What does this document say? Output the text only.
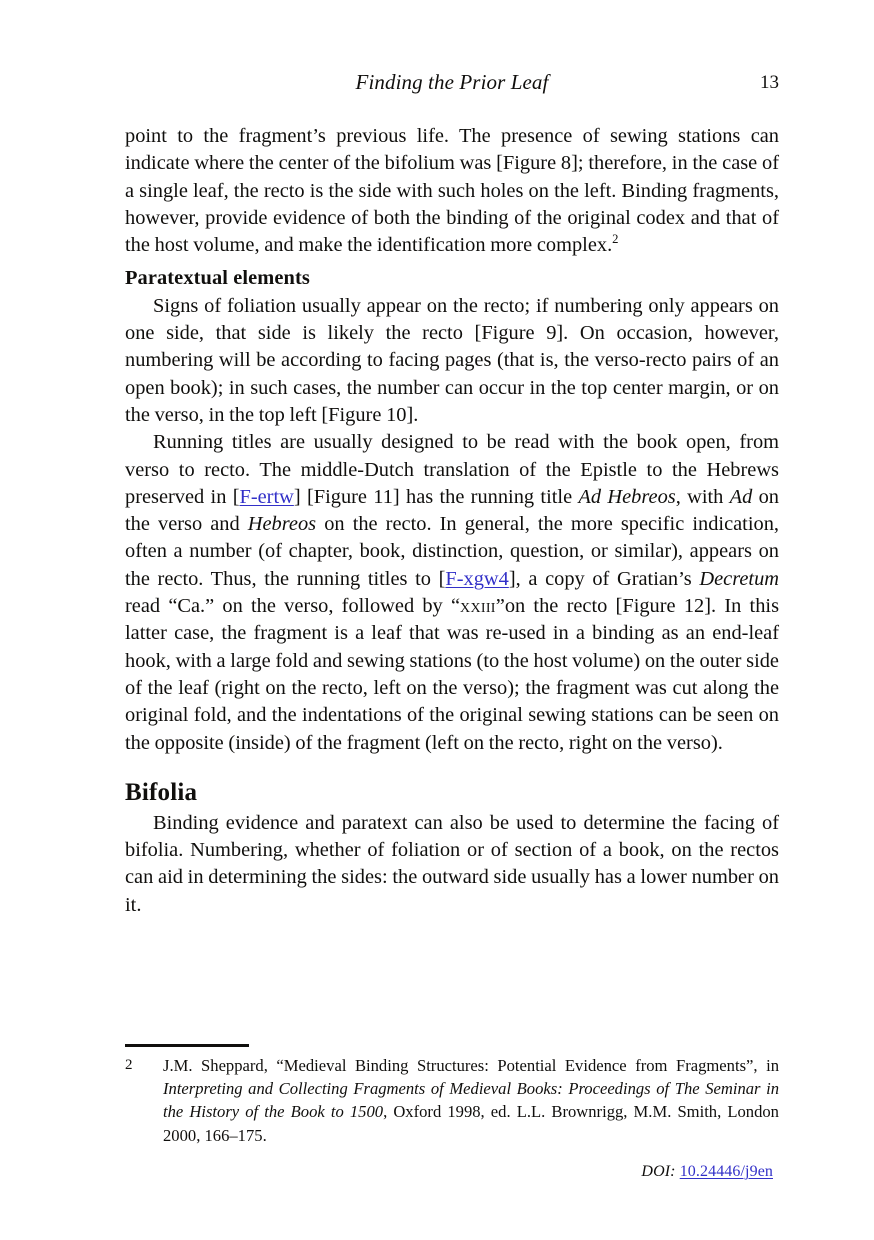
Finding the Prior Leaf	13

point to the fragment’s previous life. The presence of sewing stations can indicate where the center of the bifolium was [Figure 8]; therefore, in the case of a single leaf, the recto is the side with such holes on the left. Binding fragments, however, provide evidence of both the binding of the original codex and that of the host volume, and make the identification more complex.$^2$

Paratextual elements

Signs of foliation usually appear on the recto; if numbering only appears on one side, that side is likely the recto [Figure 9]. On occasion, however, numbering will be according to facing pages (that is, the verso-recto pairs of an open book); in such cases, the number can occur in the top center margin, or on the verso, in the top left [Figure 10].

Running titles are usually designed to be read with the book open, from verso to recto. The middle-Dutch translation of the Epistle to the Hebrews preserved in [F-ertw] [Figure 11] has the running title Ad Hebreos, with Ad on the verso and Hebreos on the recto. In general, the more specific indication, often a number (of chapter, book, distinction, question, or similar), appears on the recto. Thus, the running titles to [F-xgw4], a copy of Gratian’s Decretum read “Ca.” on the verso, followed by “xxiii”on the recto [Figure 12]. In this latter case, the fragment is a leaf that was re-used in a binding as an end-leaf hook, with a large fold and sewing stations (to the host volume) on the outer side of the leaf (right on the recto, left on the verso); the fragment was cut along the original fold, and the indentations of the original sewing stations can be seen on the opposite (inside) of the fragment (left on the recto, right on the verso).

Bifolia

Binding evidence and paratext can also be used to determine the facing of bifolia. Numbering, whether of foliation or of section of a book, on the rectos can aid in determining the sides: the outward side usually has a lower number on it.

2	J.M. Sheppard, “Medieval Binding Structures: Potential Evidence from Fragments”, in Interpreting and Collecting Fragments of Medieval Books: Proceedings of The Seminar in the History of the Book to 1500, Oxford 1998, ed. L.L. Brownrigg, M.M. Smith, London 2000, 166–175.
DOI: 10.24446/j9en
